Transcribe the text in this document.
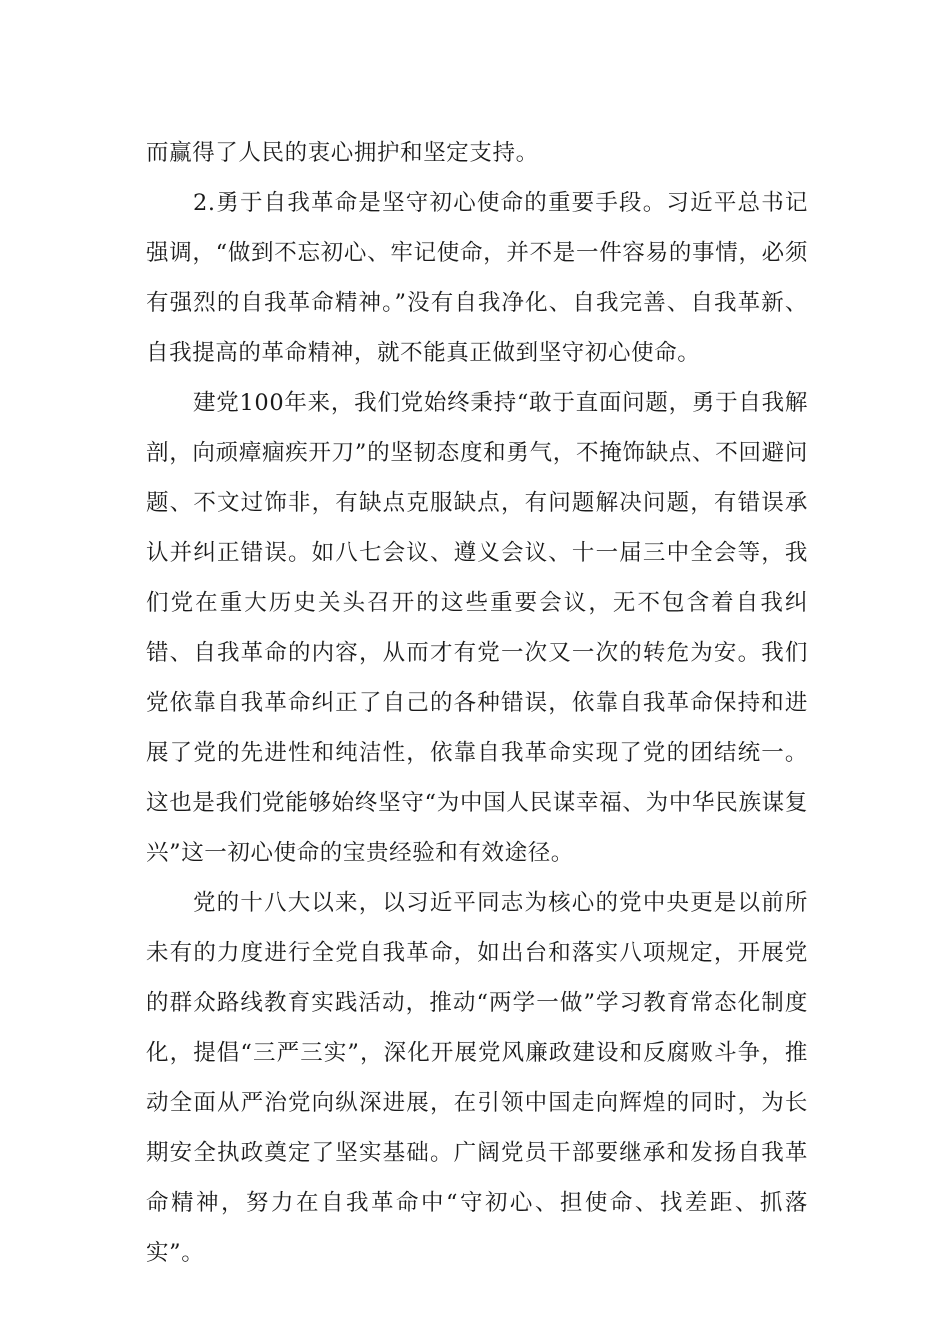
而赢得了人民的衷心拥护和坚定支持。

2.勇于自我革命是坚守初心使命的重要手段。习近平总书记强调，“做到不忘初心、牢记使命，并不是一件容易的事情，必须有强烈的自我革命精神。”没有自我净化、自我完善、自我革新、自我提高的革命精神，就不能真正做到坚守初心使命。

建党100年来，我们党始终秉持“敢于直面问题，勇于自我解剖，向顽瘴痼疾开刀”的坚韧态度和勇气，不掩饰缺点、不回避问题、不文过饰非，有缺点克服缺点，有问题解决问题，有错误承认并纠正错误。如八七会议、遵义会议、十一届三中全会等，我们党在重大历史关头召开的这些重要会议，无不包含着自我纠错、自我革命的内容，从而才有党一次又一次的转危为安。我们党依靠自我革命纠正了自己的各种错误，依靠自我革命保持和进展了党的先进性和纯洁性，依靠自我革命实现了党的团结统一。这也是我们党能够始终坚守“为中国人民谋幸福、为中华民族谋复兴”这一初心使命的宝贵经验和有效途径。

党的十八大以来，以习近平同志为核心的党中央更是以前所未有的力度进行全党自我革命，如出台和落实八项规定，开展党的群众路线教育实践活动，推动“两学一做”学习教育常态化制度化，提倡“三严三实”，深化开展党风廉政建设和反腐败斗争，推动全面从严治党向纵深进展，在引领中国走向辉煌的同时，为长期安全执政奠定了坚实基础。广阔党员干部要继承和发扬自我革命精神，努力在自我革命中“守初心、担使命、找差距、抓落实”。
